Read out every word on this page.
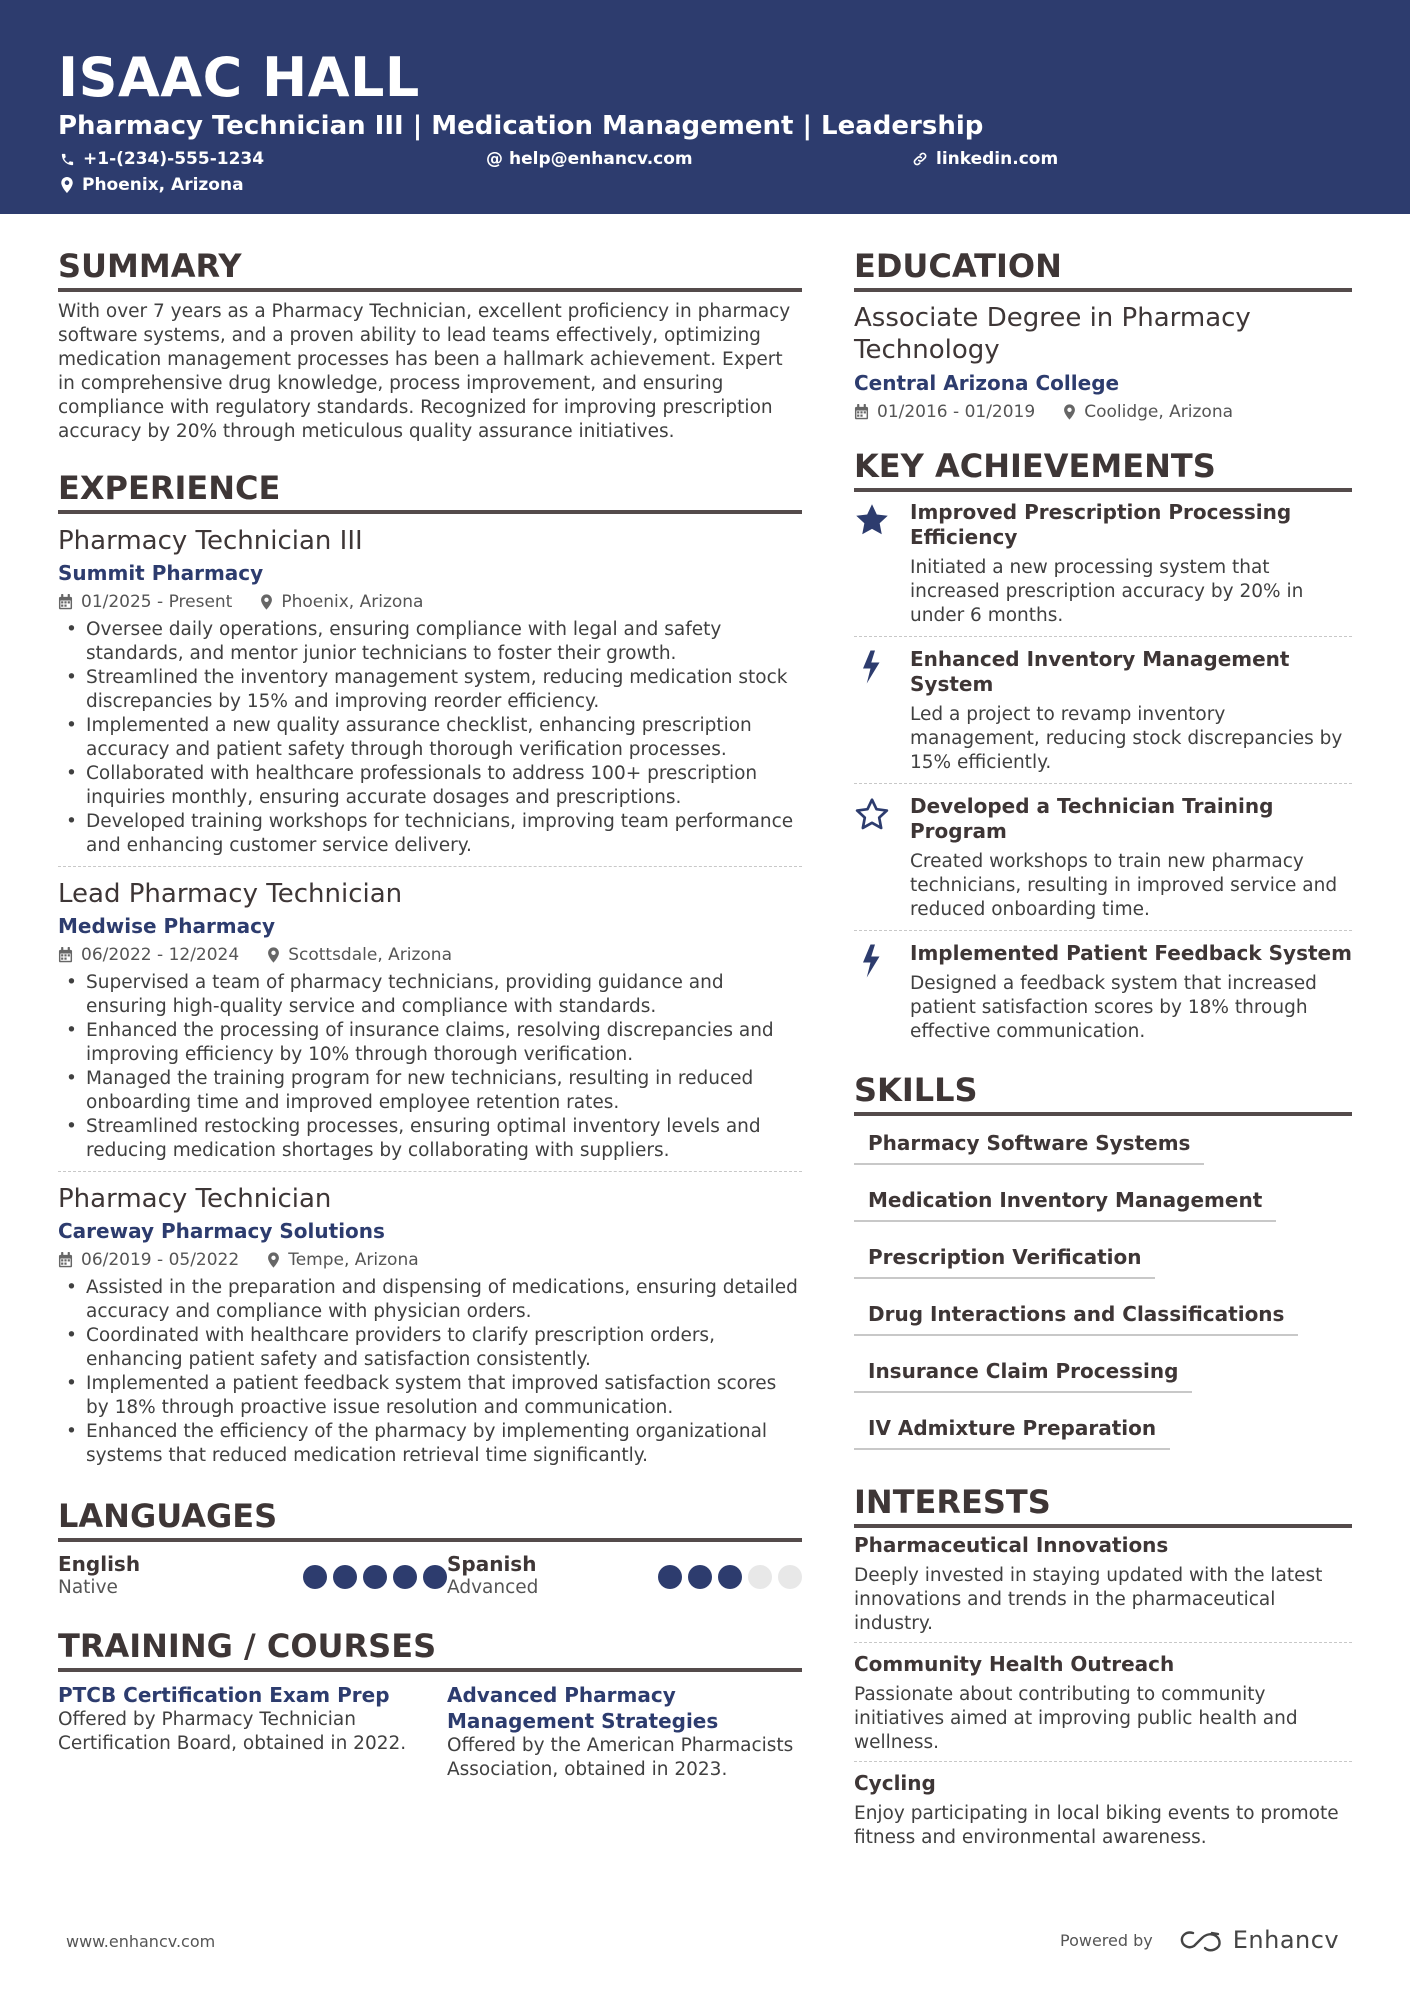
ISAAC HALL
Pharmacy Technician III | Medication Management | Leadership
+1-(234)-555-1234	@ help@enhancv.com	linkedin.com
Phoenix, Arizona
SUMMARY
With over 7 years as a Pharmacy Technician, excellent proficiency in pharmacy software systems, and a proven ability to lead teams effectively, optimizing medication management processes has been a hallmark achievement. Expert in comprehensive drug knowledge, process improvement, and ensuring compliance with regulatory standards. Recognized for improving prescription accuracy by 20% through meticulous quality assurance initiatives.
EXPERIENCE
Pharmacy Technician III
Summit Pharmacy
01/2025 - Present	Phoenix, Arizona
• Oversee daily operations, ensuring compliance with legal and safety standards, and mentor junior technicians to foster their growth.
• Streamlined the inventory management system, reducing medication stock discrepancies by 15% and improving reorder efficiency.
• Implemented a new quality assurance checklist, enhancing prescription accuracy and patient safety through thorough verification processes.
• Collaborated with healthcare professionals to address 100+ prescription inquiries monthly, ensuring accurate dosages and prescriptions.
• Developed training workshops for technicians, improving team performance and enhancing customer service delivery.
Lead Pharmacy Technician
Medwise Pharmacy
06/2022 - 12/2024	Scottsdale, Arizona
• Supervised a team of pharmacy technicians, providing guidance and ensuring high-quality service and compliance with standards.
• Enhanced the processing of insurance claims, resolving discrepancies and improving efficiency by 10% through thorough verification.
• Managed the training program for new technicians, resulting in reduced onboarding time and improved employee retention rates.
• Streamlined restocking processes, ensuring optimal inventory levels and reducing medication shortages by collaborating with suppliers.
Pharmacy Technician
Careway Pharmacy Solutions
06/2019 - 05/2022	Tempe, Arizona
• Assisted in the preparation and dispensing of medications, ensuring detailed accuracy and compliance with physician orders.
• Coordinated with healthcare providers to clarify prescription orders, enhancing patient safety and satisfaction consistently.
• Implemented a patient feedback system that improved satisfaction scores by 18% through proactive issue resolution and communication.
• Enhanced the efficiency of the pharmacy by implementing organizational systems that reduced medication retrieval time significantly.
LANGUAGES
English
Native
Spanish
Advanced
TRAINING / COURSES
PTCB Certification Exam Prep
Offered by Pharmacy Technician Certification Board, obtained in 2022.
Advanced Pharmacy Management Strategies
Offered by the American Pharmacists Association, obtained in 2023.
EDUCATION
Associate Degree in Pharmacy Technology
Central Arizona College
01/2016 - 01/2019	Coolidge, Arizona
KEY ACHIEVEMENTS
Improved Prescription Processing Efficiency
Initiated a new processing system that increased prescription accuracy by 20% in under 6 months.
Enhanced Inventory Management System
Led a project to revamp inventory management, reducing stock discrepancies by 15% efficiently.
Developed a Technician Training Program
Created workshops to train new pharmacy technicians, resulting in improved service and reduced onboarding time.
Implemented Patient Feedback System
Designed a feedback system that increased patient satisfaction scores by 18% through effective communication.
SKILLS
Pharmacy Software Systems
Medication Inventory Management
Prescription Verification
Drug Interactions and Classifications
Insurance Claim Processing
IV Admixture Preparation
INTERESTS
Pharmaceutical Innovations
Deeply invested in staying updated with the latest innovations and trends in the pharmaceutical industry.
Community Health Outreach
Passionate about contributing to community initiatives aimed at improving public health and wellness.
Cycling
Enjoy participating in local biking events to promote fitness and environmental awareness.
www.enhancv.com	Powered by	Enhancv
